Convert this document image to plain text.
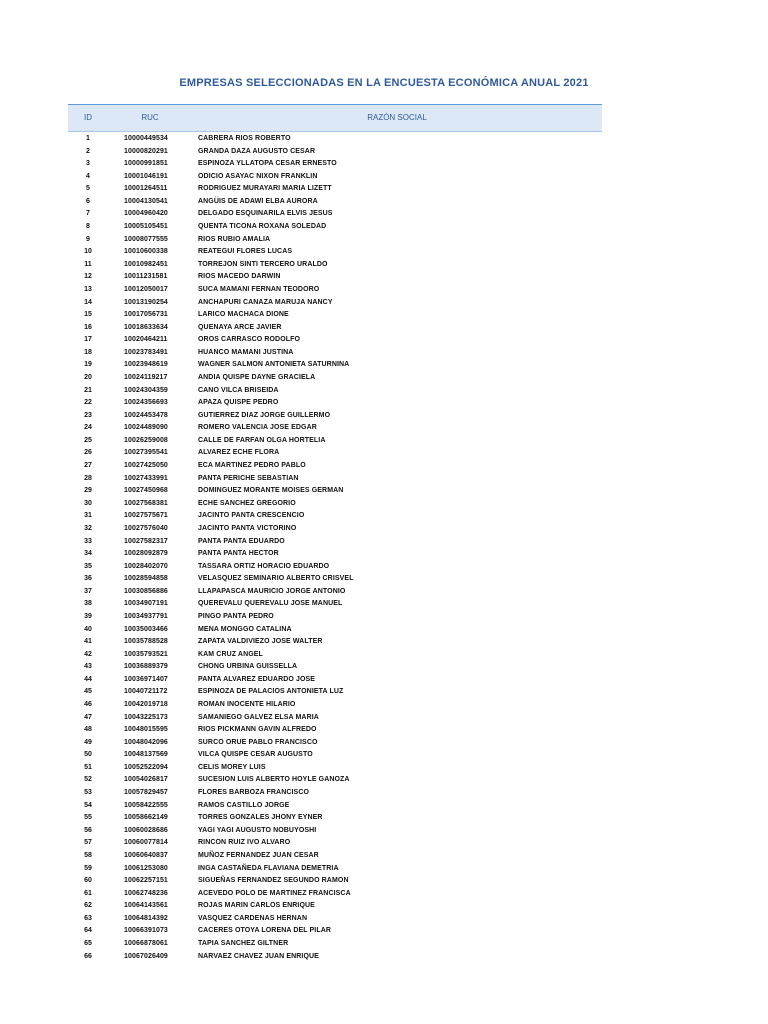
EMPRESAS SELECCIONADAS EN LA ENCUESTA ECONÓMICA ANUAL 2021
ID	RUC	RAZÓN SOCIAL
1	10000449534	CABRERA RIOS ROBERTO
2	10000820291	GRANDA DAZA AUGUSTO CESAR
3	10000991851	ESPINOZA YLLATOPA CESAR ERNESTO
4	10001046191	ODICIO ASAYAC NIXON FRANKLIN
5	10001264511	RODRIGUEZ MURAYARI MARIA LIZETT
6	10004130541	ANGÜIS DE ADAWI ELBA AURORA
7	10004960420	DELGADO ESQUINARILA ELVIS JESUS
8	10005105451	QUENTA TICONA ROXANA SOLEDAD
9	10008077555	RIOS RUBIO AMALIA
10	10010600338	REATEGUI FLORES LUCAS
11	10010982451	TORREJON SINTI TERCERO URALDO
12	10011231581	RIOS MACEDO DARWIN
13	10012050017	SUCA MAMANI FERNAN TEODORO
14	10013190254	ANCHAPURI CANAZA MARUJA NANCY
15	10017056731	LARICO MACHACA DIONE
16	10018633634	QUENAYA ARCE JAVIER
17	10020464211	OROS CARRASCO RODOLFO
18	10023783491	HUANCO MAMANI JUSTINA
19	10023948619	WAGNER SALMON ANTONIETA SATURNINA
20	10024119217	ANDIA QUISPE DAYNE GRACIELA
21	10024304359	CANO VILCA BRISEIDA
22	10024356693	APAZA QUISPE PEDRO
23	10024453478	GUTIERREZ DIAZ JORGE GUILLERMO
24	10024489090	ROMERO VALENCIA JOSE EDGAR
25	10026259008	CALLE DE FARFAN OLGA HORTELIA
26	10027395541	ALVAREZ ECHE FLORA
27	10027425050	ECA MARTINEZ PEDRO PABLO
28	10027433991	PANTA PERICHE SEBASTIAN
29	10027450968	DOMINGUEZ MORANTE MOISES GERMAN
30	10027568381	ECHE SANCHEZ GREGORIO
31	10027575671	JACINTO PANTA CRESCENCIO
32	10027576040	JACINTO PANTA VICTORINO
33	10027582317	PANTA PANTA EDUARDO
34	10028092879	PANTA PANTA HECTOR
35	10028402070	TASSARA ORTIZ HORACIO EDUARDO
36	10028594858	VELASQUEZ SEMINARIO ALBERTO CRISVEL
37	10030856886	LLAPAPASCA MAURICIO JORGE ANTONIO
38	10034907191	QUEREVALU QUEREVALU JOSE MANUEL
39	10034937791	PINGO PANTA PEDRO
40	10035003466	MENA MONGGO CATALINA
41	10035788528	ZAPATA VALDIVIEZO JOSE WALTER
42	10035793521	KAM CRUZ ANGEL
43	10036889379	CHONG URBINA GUISSELLA
44	10036971407	PANTA ALVAREZ EDUARDO JOSE
45	10040721172	ESPINOZA DE PALACIOS ANTONIETA LUZ
46	10042019718	ROMAN INOCENTE HILARIO
47	10043225173	SAMANIEGO GALVEZ ELSA MARIA
48	10048015595	RIOS PICKMANN GAVIN ALFREDO
49	10048042096	SURCO ORUE PABLO FRANCISCO
50	10048137569	VILCA QUISPE CESAR AUGUSTO
51	10052522094	CELIS MOREY LUIS
52	10054026817	SUCESION LUIS ALBERTO HOYLE GANOZA
53	10057829457	FLORES BARBOZA FRANCISCO
54	10058422555	RAMOS CASTILLO JORGE
55	10058662149	TORRES GONZALES JHONY EYNER
56	10060028686	YAGI YAGI AUGUSTO NOBUYOSHI
57	10060077814	RINCON RUIZ IVO ALVARO
58	10060640837	MUÑOZ FERNANDEZ JUAN CESAR
59	10061253080	INGA CASTAÑEDA FLAVIANA DEMETRIA
60	10062257151	SIGUEÑAS FERNANDEZ SEGUNDO RAMON
61	10062748236	ACEVEDO POLO DE MARTINEZ FRANCISCA
62	10064143561	ROJAS MARIN CARLOS ENRIQUE
63	10064814392	VASQUEZ CARDENAS HERNAN
64	10066391073	CACERES OTOYA LORENA DEL PILAR
65	10066878061	TAPIA SANCHEZ GILTNER
66	10067026409	NARVAEZ CHAVEZ JUAN ENRIQUE
